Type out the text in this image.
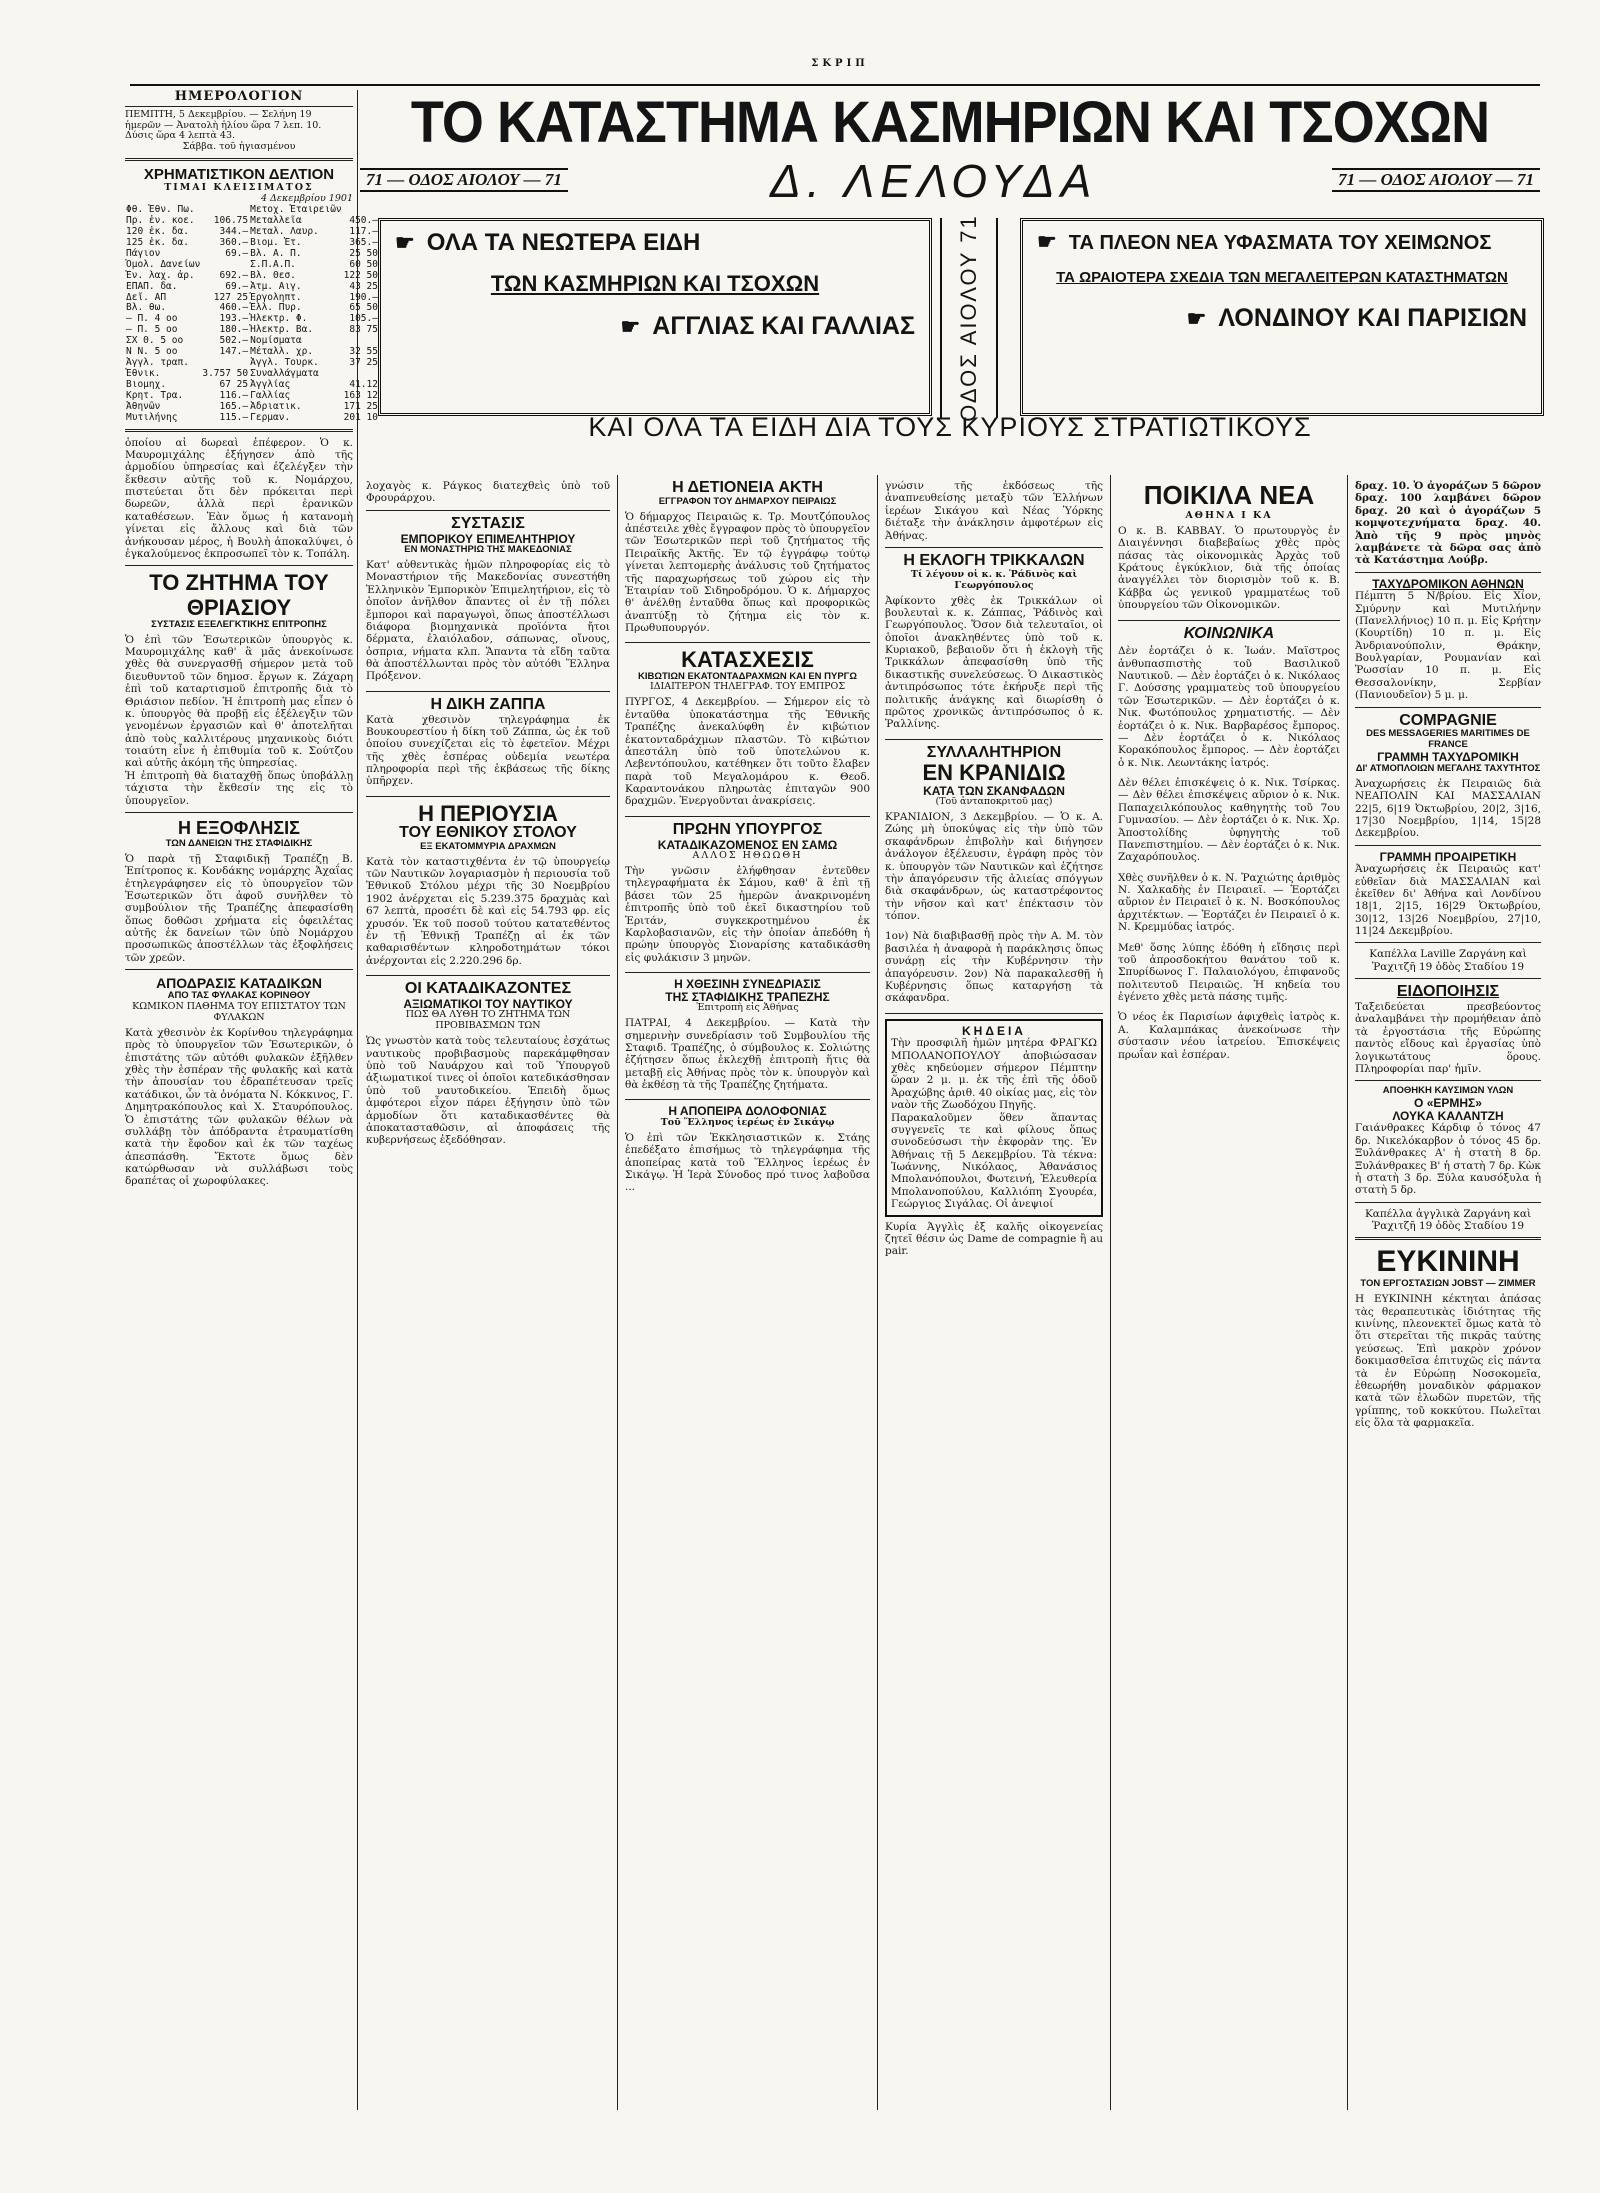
ΣΚΡΙΠ
ΗΜΕΡΟΛΟΓΙΟΝ
ΠΕΜΠΤΗ, 5 Δεκεμβρίου. — Σελήνη 19
ἡμερῶν — Ἀνατολὴ ἡλίου ὥρα 7 λεπ. 10.
Δύσις ὥρα 4 λεπτὰ 43.
Σάββα. τοῦ ἡγιασμένου
ΧΡΗΜΑΤΙΣΤΙΚΟΝ ΔΕΛΤΙΟΝ
ΤΙΜΑΙ ΚΛΕΙΣΙΜΑΤΟΣ
4 Δεκεμβρίου 1901
Φθ. Ἐθν. Πω.		Μετοχ. Ἐταιρειῶν	
Πρ. ἐν. κοε.	106.75	Μεταλλεῖα	450.—
120 ἑκ. δα.	344.—	Μεταλ. Λαυρ.	117.—
125 ἑκ. δα.	360.—	Βιομ. Ἐτ.	365.—
Πάγιον	69.—	Βλ. Α. Π.	25 50
Ὁμολ. Δανείων		Σ.Π.Α.Π.	60 50
Ἐν. λαχ. ἀρ.	692.—	Βλ. Θεσ.	122 50
ΕΠΑΠ. δα.	69.—	Ἀτμ. Αιγ.	43 25
Δεῖ. ΑΠ	127 25	Ἐργοληπτ.	190.—
Βλ. θω.	460.—	Ἑλλ. Πυρ.	65 50
— Π. 4 οο	193.—	Ἠλεκτρ. Φ.	105.—
— Π. 5 οο	180.—	Ἠλεκτρ. Βα.	83 75
ΣΧ Θ. 5 οο	502.—	Νομίσματα	
Ν Ν. 5 οο	147.—	Μέταλλ. χρ.	32 55
Ἀγγλ. τραπ.		Ἀγγλ. Τουρκ.	37 25
Ἐθνικ.	3.757 50	Συναλλάγματα	
Βιομηχ.	67 25	Ἀγγλίας	41.12
Κρητ. Τρα.	116.—	Γαλλίας	163 12
Ἀθηνῶν	165.—	Ἀδριατικ.	171 25
Μυτιλήνης	115.—	Γερμαν.	201 10
ὁποίου αἱ δωρεαὶ ἐπέφερον. Ὁ κ. Μαυρομιχάλης ἐξήγησεν ἀπὸ τῆς ἀρμοδίου ὑπηρεσίας καὶ ἐζελέγξεν τὴν ἔκθεσιν αὐτῆς τοῦ κ. Νομάρχου, πιστεύεται ὅτι δὲν πρόκειται περὶ δωρεῶν, ἀλλὰ περὶ ἐρανικῶν καταθέσεων. Ἐὰν ὅμως ἡ κατανομὴ γίνεται εἰς ἄλλους καὶ διὰ τῶν ἀνήκουσαν μέρος, ἡ Βουλὴ ἀποκαλύψει, ὁ ἐγκαλούμενος ἐκπροσωπεῖ τὸν κ. Τοπάλη.
ΤΟ ΖΗΤΗΜΑ ΤΟΥ ΘΡΙΑΣΙΟΥ
ΣΥΣΤΑΣΙΣ ΕΞΕΛΕΓΚΤΙΚΗΣ ΕΠΙΤΡΟΠΗΣ
Ὁ ἐπὶ τῶν Ἐσωτερικῶν ὑπουργὸς κ. Μαυρομιχάλης καθ' ἃ μᾶς ἀνεκοίνωσε χθὲς θὰ συνεργασθῇ σήμερον μετὰ τοῦ διευθυντοῦ τῶν δημοσ. ἔργων κ. Ζάχαρη ἐπὶ τοῦ καταρτισμοῦ ἐπιτροπῆς διὰ τὸ Θριάσιον πεδίον. Ἡ ἐπιτροπὴ μας εἶπεν ὁ κ. ὑπουργὸς θὰ προβῇ εἰς ἐξέλεγξιν τῶν γενομένων ἐργασιῶν καὶ θ' ἀποτελῆται ἀπὸ τοὺς καλλιτέρους μηχανικοὺς διότι τοιαύτη εἶνε ἡ ἐπιθυμία τοῦ κ. Σούτζου καὶ αὐτῆς ἀκόμη τῆς ὑπηρεσίας.
Ἡ ἐπιτροπὴ θὰ διαταχθῇ ὅπως ὑποβάλλῃ τάχιστα τὴν ἔκθεσίν της εἰς τὸ ὑπουργεῖον.
Η ΕΞΟΦΛΗΣΙΣ
ΤΩΝ ΔΑΝΕΙΩΝ ΤΗΣ ΣΤΑΦΙΔΙΚΗΣ
Ὁ παρὰ τῇ Σταφιδικῇ Τραπέζῃ Β. Ἐπίτροπος κ. Κονδάκης νομάρχης Ἀχαΐας ἐτηλεγράφησεν εἰς τὸ ὑπουργεῖον τῶν Ἐσωτερικῶν ὅτι ἀφοῦ συνῆλθεν τὸ συμβούλιον τῆς Τραπέζης ἀπεφασίσθη ὅπως δοθῶσι χρήματα εἰς ὀφειλέτας αὐτῆς ἐκ δανείων τῶν ὑπὸ Νομάρχου προσωπικῶς ἀποστέλλων τὰς ἐξοφλήσεις τῶν χρεῶν.
ΑΠΟΔΡΑΣΙΣ ΚΑΤΑΔΙΚΩΝ
ΑΠΟ ΤΑΣ ΦΥΛΑΚΑΣ ΚΟΡΙΝΘΟΥ
ΚΩΜΙΚΟΝ ΠΑΘΗΜΑ ΤΟΥ ΕΠΙΣΤΑΤΟΥ ΤΩΝ ΦΥΛΑΚΩΝ
Κατὰ χθεσινὸν ἐκ Κορίνθου τηλεγράφημα πρὸς τὸ ὑπουργεῖον τῶν Ἐσωτερικῶν, ὁ ἐπιστάτης τῶν αὐτόθι φυλακῶν ἐξῆλθεν χθὲς τὴν ἑσπέραν τῆς φυλακῆς καὶ κατὰ τὴν ἀπουσίαν του ἐδραπέτευσαν τρεῖς κατάδικοι, ὧν τὰ ὀνόματα Ν. Κόκκινος, Γ. Δημητρακόπουλος καὶ Χ. Σταυρόπουλος. Ὁ ἐπιστάτης τῶν φυλακῶν θέλων νὰ συλλάβῃ τὸν ἀπόδραντα ἐτραυματίσθη κατὰ τὴν ἔφοδον καὶ ἐκ τῶν ταχέως ἀπεσπάσθη. Ἔκτοτε ὅμως δὲν κατώρθωσαν νὰ συλλάβωσι τοὺς δραπέτας οἱ χωροφύλακες.
ΤΟ ΚΑΤΑΣΤΗΜΑ ΚΑΣΜΗΡΙΩΝ ΚΑΙ ΤΣΟΧΩΝ
71 — ΟΔΟΣ ΑΙΟΛΟΥ — 71	Δ. ΛΕΛΟΥΔΑ	71 — ΟΔΟΣ ΑΙΟΛΟΥ — 71
☛ ΟΛΑ ΤΑ ΝΕΩΤΕΡΑ ΕΙΔΗ
ΤΩΝ ΚΑΣΜΗΡΙΩΝ ΚΑΙ ΤΣΟΧΩΝ
☛ ΑΓΓΛΙΑΣ ΚΑΙ ΓΑΛΛΙΑΣ ΟΔΟΣ ΑΙΟΛΟΥ 71	☛ ΤΑ ΠΛΕΟΝ ΝΕΑ ΥΦΑΣΜΑΤΑ ΤΟΥ ΧΕΙΜΩΝΟΣ
ΤΑ ΩΡΑΙΟΤΕΡΑ ΣΧΕΔΙΑ ΤΩΝ ΜΕΓΑΛΕΙΤΕΡΩΝ ΚΑΤΑΣΤΗΜΑΤΩΝ
☛ ΛΟΝΔΙΝΟΥ ΚΑΙ ΠΑΡΙΣΙΩΝ
ΚΑΙ ΟΛΑ ΤΑ ΕΙΔΗ ΔΙΑ ΤΟΥΣ ΚΥΡΙΟΥΣ ΣΤΡΑΤΙΩΤΙΚΟΥΣ
λοχαγὸς κ. Ράγκος διατεχθεὶς ὑπὸ τοῦ Φρουράρχου.
ΣΥΣΤΑΣΙΣ
ΕΜΠΟΡΙΚΟΥ ΕΠΙΜΕΛΗΤΗΡΙΟΥ
ΕΝ ΜΟΝΑΣΤΗΡΙΩ ΤΗΣ ΜΑΚΕΔΟΝΙΑΣ
Κατ' αὐθεντικὰς ἡμῶν πληροφορίας εἰς τὸ Μοναστήριον τῆς Μακεδονίας συνεστήθη Ἑλληνικὸν Ἐμπορικὸν Ἐπιμελητήριον, εἰς τὸ ὁποῖον ἀνῆλθον ἅπαντες οἱ ἐν τῇ πόλει ἔμποροι καὶ παραγωγοὶ, ὅπως ἀποστέλλωσι διάφορα βιομηχανικὰ προϊόντα ἤτοι δέρματα, ἐλαιόλαδον, σάπωνας, οἴνους, ὀσπρια, νήματα κλπ. Ἅπαντα τὰ εἴδη ταῦτα θὰ ἀποστέλλωνται πρὸς τὸν αὐτόθι Ἕλληνα Πρόξενον.
Η ΔΙΚΗ ΖΑΠΠΑ
Κατὰ χθεσινὸν τηλεγράφημα ἐκ Βουκουρεστίου ἡ δίκη τοῦ Ζάππα, ὡς ἐκ τοῦ ὁποίου συνεχίζεται εἰς τὸ ἐφετεῖον. Μέχρι τῆς χθὲς ἑσπέρας οὐδεμία νεωτέρα πληροφορία περὶ τῆς ἐκβάσεως τῆς δίκης ὑπῆρχεν.
Η ΠΕΡΙΟΥΣΙΑ
ΤΟΥ ΕΘΝΙΚΟΥ ΣΤΟΛΟΥ
ΕΞ ΕΚΑΤΟΜΜΥΡΙΑ ΔΡΑΧΜΩΝ
Κατὰ τὸν καταστιχθέντα ἐν τῷ ὑπουργείῳ τῶν Ναυτικῶν λογαριασμὸν ἡ περιουσία τοῦ Ἐθνικοῦ Στόλου μέχρι τῆς 30 Νοεμβρίου 1902 ἀνέρχεται εἰς 5.239.375 δραχμὰς καὶ 67 λεπτὰ, προσέτι δὲ καὶ εἰς 54.793 φρ. εἰς χρυσόν. Ἐκ τοῦ ποσοῦ τούτου κατατεθέντος ἐν τῇ Ἐθνικῇ Τραπέζῃ αἱ ἐκ τῶν καθαρισθέντων κληροδοτημάτων τόκοι ἀνέρχονται εἰς 2.220.296 δρ.
ΟΙ ΚΑΤΑΔΙΚΑΖΟΝΤΕΣ
ΑΞΙΩΜΑΤΙΚΟΙ ΤΟΥ ΝΑΥΤΙΚΟΥ
ΠΩΣ ΘΑ ΛΥΘΗ ΤΟ ΖΗΤΗΜΑ ΤΩΝ ΠΡΟΒΙΒΑΣΜΩΝ ΤΩΝ
Ὡς γνωστὸν κατὰ τοὺς τελευταίους ἐσχάτως ναυτικοὺς προβιβασμοὺς παρεκάμφθησαν ὑπὸ τοῦ Ναυάρχου καὶ τοῦ Ὑπουργοῦ ἀξιωματικοί τινες οἱ ὁποῖοι κατεδικάσθησαν ὑπὸ τοῦ ναυτοδικείου. Ἐπειδὴ ὅμως ἀμφότεροι εἶχον πάρει ἐξήγησιν ὑπὸ τῶν ἀρμοδίων ὅτι καταδικασθέντες θὰ ἀποκατασταθῶσιν, αἱ ἀποφάσεις τῆς κυβερνήσεως ἐξεδόθησαν.
Η ΔΕΤΙΟΝΕΙΑ ΑΚΤΗ
ΕΓΓΡΑΦΟΝ ΤΟΥ ΔΗΜΑΡΧΟΥ ΠΕΙΡΑΙΩΣ
Ὁ δήμαρχος Πειραιῶς κ. Τρ. Μουτζόπουλος ἀπέστειλε χθὲς ἔγγραφον πρὸς τὸ ὑπουργεῖον τῶν Ἐσωτερικῶν περὶ τοῦ ζητήματος τῆς Πειραϊκῆς Ἀκτῆς. Ἐν τῷ ἐγγράφῳ τούτῳ γίνεται λεπτομερὴς ἀνάλυσις τοῦ ζητήματος τῆς παραχωρήσεως τοῦ χώρου εἰς τὴν Ἑταιρίαν τοῦ Σιδηροδρόμου. Ὁ κ. Δήμαρχος θ' ἀνέλθῃ ἐνταῦθα ὅπως καὶ προφορικῶς ἀναπτύξῃ τὸ ζήτημα εἰς τὸν κ. Πρωθυπουργόν.
ΚΑΤΑΣΧΕΣΙΣ
ΚΙΒΩΤΙΩΝ ΕΚΑΤΟΝΤΑΔΡΑΧΜΩΝ ΚΑΙ ΕΝ ΠΥΡΓΩ
ΙΔΙΑΙΤΕΡΟΝ ΤΗΛΕΓΡΑΦ. ΤΟΥ ΕΜΠΡΟΣ
ΠΥΡΓΟΣ, 4 Δεκεμβρίου. — Σήμερον εἰς τὸ ἐνταῦθα ὑποκατάστημα τῆς Ἐθνικῆς Τραπέζης ἀνεκαλύφθη ἐν κιβώτιον ἐκατονταδράχμων πλαστῶν. Τὸ κιβώτιον ἀπεστάλη ὑπὸ τοῦ ὑποτελώνου κ. Λεβεντόπουλου, κατέθηκεν ὅτι τοῦτο ἔλαβεν παρὰ τοῦ Μεγαλομάρου κ. Θεοδ. Καραντονάκου πληρωτὰς ἐπιταγῶν 900 δραχμῶν. Ἐνεργοῦνται ἀνακρίσεις.
ΠΡΩΗΝ ΥΠΟΥΡΓΟΣ
ΚΑΤΑΔΙΚΑΖΟΜΕΝΟΣ ΕΝ ΣΑΜΩ
ΑΛΛΟΣ ΗΘΩΩΘΗ
Τὴν γνῶσιν ἐλήφθησαν ἐντεῦθεν τηλεγραφήματα ἐκ Σάμου, καθ' ἃ ἐπὶ τῇ βάσει τῶν 25 ἡμερῶν ἀνακρινομένη ἐπιτροπῆς ὑπὸ τοῦ ἐκεῖ δικαστηρίου τοῦ Ἐριτάν, συγκεκροτημένου ἐκ Καρλοβασιανῶν, εἰς τὴν ὁποίαν ἀπεδόθη ἡ πρώην ὑπουργὸς Σιοναρίσης καταδικάσθη εἰς φυλάκισιν 3 μηνῶν.
Η ΧΘΕΣΙΝΗ ΣΥΝΕΔΡΙΑΣΙΣ
ΤΗΣ ΣΤΑΦΙΔΙΚΗΣ ΤΡΑΠΕΖΗΣ
Ἐπιτροπὴ εἰς Ἀθήνας
ΠΑΤΡΑΙ, 4 Δεκεμβρίου. — Κατὰ τὴν σημερινὴν συνεδρίασιν τοῦ Συμβουλίου τῆς Σταφιδ. Τραπέζης, ὁ σύμβουλος κ. Σολιώτης ἐζήτησεν ὅπως ἐκλεχθῇ ἐπιτροπὴ ἥτις θὰ μεταβῇ εἰς Ἀθήνας πρὸς τὸν κ. ὑπουργὸν καὶ θὰ ἐκθέσῃ τὰ τῆς Τραπέζης ζητήματα.
Η ΑΠΟΠΕΙΡΑ ΔΟΛΟΦΟΝΙΑΣ
Τοῦ Ἕλληνος ἱερέως ἐν Σικάγῳ
Ὁ ἐπὶ τῶν Ἐκκλησιαστικῶν κ. Στάης ἐπεδέξατο ἐπισήμως τὸ τηλεγράφημα τῆς ἀποπείρας κατὰ τοῦ Ἕλληνος ἱερέως ἐν Σικάγῳ. Ἡ Ἱερὰ Σύνοδος πρό τινος λαβοῦσα ...
γνώσιν τῆς ἐκδόσεως τῆς ἀναπνευθείσης μεταξὺ τῶν Ἑλλήνων ἱερέων Σικάγου καὶ Νέας Ὑόρκης διέταξε τὴν ἀνάκλησιν ἀμφοτέρων εἰς Ἀθήνας.
Η ΕΚΛΟΓΗ ΤΡΙΚΚΑΛΩΝ
Τί λέγουν οἱ κ. κ. Ῥάδινὸς καὶ Γεωργόπουλος
Ἀφίκοντο χθὲς ἐκ Τρικκάλων οἱ βουλευταὶ κ. κ. Ζάππας, Ῥάδινὸς καὶ Γεωργόπουλος. Ὅσον διὰ τελευταῖοι, οἱ ὁποῖοι ἀνακληθέντες ὑπὸ τοῦ κ. Κυριακοῦ, βεβαιοῦν ὅτι ἡ ἐκλογὴ τῆς Τρικκάλων ἀπεφασίσθη ὑπὸ τῆς δικαστικῆς συνελεύσεως. Ὁ Δικαστικὸς ἀντιπρόσωπος τότε ἐκήρυξε περὶ τῆς πολιτικῆς ἀνάγκης καὶ διωρίσθη ὁ πρῶτος χρονικῶς ἀντιπρόσωπος ὁ κ. Ῥαλλίνης.
ΣΥΛΛΑΛΗΤΗΡΙΟΝ
ΕΝ ΚΡΑΝΙΔΙΩ
ΚΑΤΑ ΤΩΝ ΣΚΑΝΦΑΔΩΝ
(Τοῦ ἀνταποκριτοῦ μας)
ΚΡΑΝΙΔΙΟΝ, 3 Δεκεμβρίου. — Ὁ κ. Α. Ζώης μὴ ὑποκύψας εἰς τὴν ὑπὸ τῶν σκαφάνδρων ἐπιβολὴν καὶ διήγησεν ἀνάλογον ἐξέλευσιν, ἐγράφη πρὸς τὸν κ. ὑπουργὸν τῶν Ναυτικῶν καὶ ἐζήτησε τὴν ἀπαγόρευσιν τῆς ἁλιείας σπόγγων διὰ σκαφάνδρων, ὡς καταστρέφοντος τὴν νῆσον καὶ κατ' ἐπέκτασιν τὸν τόπον.
1ον) Νὰ διαβιβασθῇ πρὸς τὴν Α. Μ. τὸν βασιλέα ἡ ἀναφορὰ ἡ παράκλησις ὅπως συνάρῃ εἰς τὴν Κυβέρνησιν τὴν ἀπαγόρευσιν. 2ον) Νὰ παρακαλεσθῇ ἡ Κυβέρνησις ὅπως καταργήσῃ τὰ σκάφανδρα.
ΚΗΔΕΙΑ
Τὴν προσφιλῆ ἡμῶν μητέρα ΦΡΑΓΚΩ ΜΠΟΛΑΝΟΠΟΥΛΟΥ ἀποβιώσασαν χθὲς κηδεύομεν σήμερον Πέμπτην ὥραν 2 μ. μ. ἐκ τῆς ἐπὶ τῆς ὁδοῦ Ἀραχώβης ἀριθ. 40 οἰκίας μας, εἰς τὸν ναὸν τῆς Ζωοδόχου Πηγῆς.
Παρακαλοῦμεν ὅθεν ἅπαντας συγγενεῖς τε καὶ φίλους ὅπως συνοδεύσωσι τὴν ἐκφορὰν της. Ἐν Ἀθήναις τῇ 5 Δεκεμβρίου. Τὰ τέκνα: Ἰωάννης, Νικόλαος, Ἀθανάσιος Μπολανόπουλοι, Φωτεινή, Ἐλευθερία Μπολανοπούλου, Καλλιόπη Σγουρέα, Γεώργιος Σιγάλας. Οἱ ἀνεψιοί
Κυρία Ἀγγλὶς ἐξ καλῆς οἰκογενείας ζητεῖ θέσιν ὡς Dame de compagnie ἢ au pair.
ΠΟΙΚΙΛΑ ΝΕΑ
ΑΘΗΝΑ Ι ΚΑ
Ο κ. Β. ΚΑΒΒΑΥ. Ὁ πρωτουργὸς ἐν Διαιγέννησι διαβεβαίως χθὲς πρὸς πάσας τὰς οἰκονομικὰς Ἀρχὰς τοῦ Κράτους ἐγκύκλιον, διὰ τῆς ὁποίας ἀναγγέλλει τὸν διορισμὸν τοῦ κ. Β. Κάββα ὡς γενικοῦ γραμματέως τοῦ ὑπουργείου τῶν Οἰκονομικῶν.
ΚΟΙΝΩΝΙΚΑ
Δὲν ἑορτάζει ὁ κ. Ἰωάν. Μαϊστρος ἀνθυπασπιστὴς τοῦ Βασιλικοῦ Ναυτικοῦ. — Δὲν ἑορτάζει ὁ κ. Νικόλαος Γ. Δούσσης γραμματεὺς τοῦ ὑπουργείου τῶν Ἐσωτερικῶν. — Δὲν ἑορτάζει ὁ κ. Νικ. Φωτόπουλος χρηματιστής. — Δὲν ἑορτάζει ὁ κ. Νικ. Βαρβαρέσος ἔμπορος. — Δὲν ἑορτάζει ὁ κ. Νικόλαος Κορακόπουλος ἔμπορος. — Δὲν ἑορτάζει ὁ κ. Νικ. Λεωντάκης ἰατρός.
Δὲν θέλει ἐπισκέψεις ὁ κ. Νικ. Τσίρκας. — Δὲν θέλει ἐπισκέψεις αὔριον ὁ κ. Νικ. Παπαχειλκόπουλος καθηγητὴς τοῦ 7ου Γυμνασίου. — Δὲν ἑορτάζει ὁ κ. Νικ. Χρ. Ἀποστολίδης ὑφηγητὴς τοῦ Πανεπιστημίου. — Δὲν ἑορτάζει ὁ κ. Νικ. Ζαχαρόπουλος.
Χθὲς συνῆλθεν ὁ κ. Ν. Ῥαχιώτης ἀριθμὸς Ν. Χαλκαδὴς ἐν Πειραιεῖ. — Ἑορτάζει αὔριον ἐν Πειραιεῖ ὁ κ. Ν. Βοσκόπουλος ἀρχιτέκτων. — Ἑορτάζει ἐν Πειραιεῖ ὁ κ. Ν. Κρεμμύδας ἰατρός.
Μεθ' ὅσης λύπης ἐδόθη ἡ εἴδησις περὶ τοῦ ἀπροσδοκήτου θανάτου τοῦ κ. Σπυρίδωνος Γ. Παλαιολόγου, ἐπιφανοῦς πολιτευτοῦ Πειραιῶς. Ἡ κηδεία του ἐγένετο χθὲς μετὰ πάσης τιμῆς.
Ὁ νέος ἐκ Παρισίων ἀφιχθεὶς ἰατρὸς κ. Α. Καλαμπάκας ἀνεκοίνωσε τὴν σύστασιν νέου ἰατρείου. Ἐπισκέψεις πρωΐαν καὶ ἑσπέραν.
δραχ. 10. Ὁ ἀγοράζων 5 δῶρον δραχ. 100 λαμβάνει δῶρον δραχ. 20 καὶ ὁ ἀγοράζων 5 κομψοτεχνήματα δραχ. 40. Ἀπὸ τῆς 9 πρὸς μηνὸς λαμβάνετε τὰ δῶρα σας ἀπὸ τὰ Κατάστημα Λούβρ.
ΤΑΧΥΔΡΟΜΙΚΟΝ ΑΘΗΝΩΝ
Πέμπτη 5 Ν/βρίου. Εἰς Χίον, Σμύρνην καὶ Μυτιλήνην (Πανελλήνιος) 10 π. μ. Εἰς Κρήτην (Κουρτίδη) 10 π. μ. Εἰς Ἀνδριανούπολιν, Θράκην, Βουλγαρίαν, Ρουμανίαν καὶ Ῥωσσίαν 10 π. μ. Εἰς Θεσσαλονίκην, Σερβίαν (Πανιουδεῖον) 5 μ. μ.
COMPAGNIE
DES MESSAGERIES MARITIMES DE FRANCE
ΓΡΑΜΜΗ ΤΑΧΥΔΡΟΜΙΚΗ
ΔΙ' ΑΤΜΟΠΛΟΙΩΝ ΜΕΓΑΛΗΣ ΤΑΧΥΤΗΤΟΣ
Ἀναχωρήσεις ἐκ Πειραιῶς διὰ ΝΕΑΠΟΛΙΝ ΚΑΙ ΜΑΣΣΑΛΙΑΝ 22|5, 6|19 Ὀκτωβρίου, 20|2, 3|16, 17|30 Νοεμβρίου, 1|14, 15|28 Δεκεμβρίου.
ΓΡΑΜΜΗ ΠΡΟΑΙΡΕΤΙΚΗ
Ἀναχωρήσεις ἐκ Πειραιῶς κατ' εὐθεῖαν διὰ ΜΑΣΣΑΛΙΑΝ καὶ ἐκεῖθεν δι' Ἀθήνα καὶ Λονδίνου 18|1, 2|15, 16|29 Ὀκτωβρίου, 30|12, 13|26 Νοεμβρίου, 27|10, 11|24 Δεκεμβρίου.
Καπέλλα Laville Ζαργάνη καὶ Ῥαχιτζῆ 19 ὁδὸς Σταδίου 19
ΕΙΔΟΠΟΙΗΣΙΣ
Ταξειδεύεται πρεσβεύοντος ἀναλαμβάνει τὴν προμήθειαν ἀπὸ τὰ ἐργοστάσια τῆς Εὐρώπης παντὸς εἴδους καὶ ἐργασίας ὑπὸ λογικωτάτους ὅρους. Πληροφορίαι παρ' ἡμῖν.
ΑΠΟΘΗΚΗ ΚΑΥΣΙΜΩΝ ΥΛΩΝ
Ο «ΕΡΜΗΣ»
ΛΟΥΚΑ ΚΑΛΑΝΤΖΗ
Γαιάνθρακες Κάρδιφ ὁ τόνος 47 δρ. Νικελόκαρβον ὁ τόνος 45 δρ. Ξυλάνθρακες Α' ἡ στατὴ 8 δρ. Ξυλάνθρακες Β' ἡ στατὴ 7 δρ. Κὼκ ἡ στατὴ 3 δρ. Ξύλα καυσόξυλα ἡ στατὴ 5 δρ.
Καπέλλα ἀγγλικὰ Ζαργάνη καὶ Ῥαχιτζῆ 19 ὁδὸς Σταδίου 19
ΕΥΚΙΝΙΝΗ
ΤΟΝ ΕΡΓΟΣΤΑΣΙΩΝ JOBST — ZIMMER
Η ΕΥΚΙΝΙΝΗ κέκτηται ἁπάσας τὰς θεραπευτικὰς ἰδιότητας τῆς κινίνης, πλεονεκτεῖ ὅμως κατὰ τὸ ὅτι στερεῖται τῆς πικρᾶς ταύτης γεύσεως. Ἐπὶ μακρὸν χρόνον δοκιμασθεῖσα ἐπιτυχῶς εἰς πάντα τὰ ἐν Εὐρώπῃ Νοσοκομεῖα, ἐθεωρήθη μοναδικὸν φάρμακον κατὰ τῶν ἑλωδῶν πυρετῶν, τῆς γρίππης, τοῦ κοκκύτου. Πωλεῖται εἰς ὅλα τὰ φαρμακεῖα.
